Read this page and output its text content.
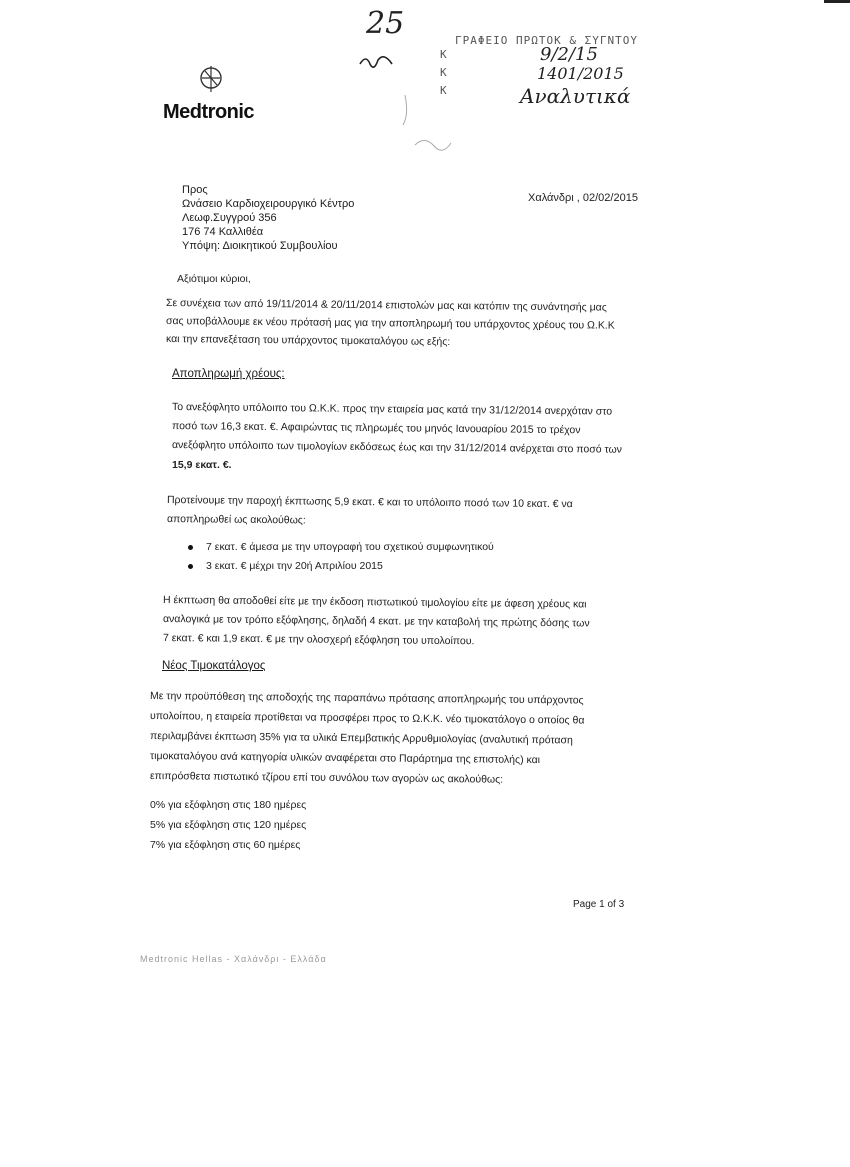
25	ΓΡΑΦΕΙΟ ΠΡΩΤΟΚ & ΣΥΓΝΤΟΥ
Κ	9/2/15
Κ	1401/2015
Κ	Αναλυτικά
Medtronic
Προς
Ωνάσειο Καρδιοχειρουργικό Κέντρο
Λεωφ.Συγγρού 356
176 74 Καλλιθέα
Υπόψη: Διοικητικού Συμβουλίου
Χαλάνδρι , 02/02/2015
Αξιότιμοι κύριοι,
Σε συνέχεια των από 19/11/2014 & 20/11/2014 επιστολών μας και κατόπιν της συνάντησής μας
σας υποβάλλουμε εκ νέου πρότασή μας για την αποπληρωμή του υπάρχοντος χρέους του Ω.Κ.Κ
και την επανεξέταση του υπάρχοντος τιμοκαταλόγου ως εξής:
Αποπληρωμή χρέους:
Το ανεξόφλητο υπόλοιπο του Ω.Κ.Κ. προς την εταιρεία μας κατά την 31/12/2014 ανερχόταν στο
ποσό των 16,3 εκατ. €. Αφαιρώντας τις πληρωμές του μηνός Ιανουαρίου 2015 το τρέχον
ανεξόφλητο υπόλοιπο των τιμολογίων εκδόσεως έως και την 31/12/2014 ανέρχεται στο ποσό των
15,9 εκατ. €.
Προτείνουμε την παροχή έκπτωσης 5,9 εκατ. € και το υπόλοιπο ποσό των 10 εκατ. € να
αποπληρωθεί ως ακολούθως:
7 εκατ. € άμεσα με την υπογραφή του σχετικού συμφωνητικού
3 εκατ. € μέχρι την 20ή Απριλίου 2015
Η έκπτωση θα αποδοθεί είτε με την έκδοση πιστωτικού τιμολογίου είτε με άφεση χρέους και
αναλογικά με τον τρόπο εξόφλησης, δηλαδή 4 εκατ. με την καταβολή της πρώτης δόσης των
7 εκατ. € και 1,9 εκατ. € με την ολοσχερή εξόφληση του υπολοίπου.
Νέος Τιμοκατάλογος
Με την προϋπόθεση της αποδοχής της παραπάνω πρότασης αποπληρωμής του υπάρχοντος
υπολοίπου, η εταιρεία προτίθεται να προσφέρει προς το Ω.Κ.Κ. νέο τιμοκατάλογο ο οποίος θα
περιλαμβάνει έκπτωση 35% για τα υλικά Επεμβατικής Αρρυθμιολογίας (αναλυτική πρόταση
τιμοκαταλόγου ανά κατηγορία υλικών αναφέρεται στο Παράρτημα της επιστολής) και
επιπρόσθετα πιστωτικό τζίρου επί του συνόλου των αγορών ως ακολούθως:
0% για εξόφληση στις 180 ημέρες
5% για εξόφληση στις 120 ημέρες
7% για εξόφληση στις 60 ημέρες
Page 1 of 3
Medtronic Hellas - Χαλάνδρι - Ελλάδα
